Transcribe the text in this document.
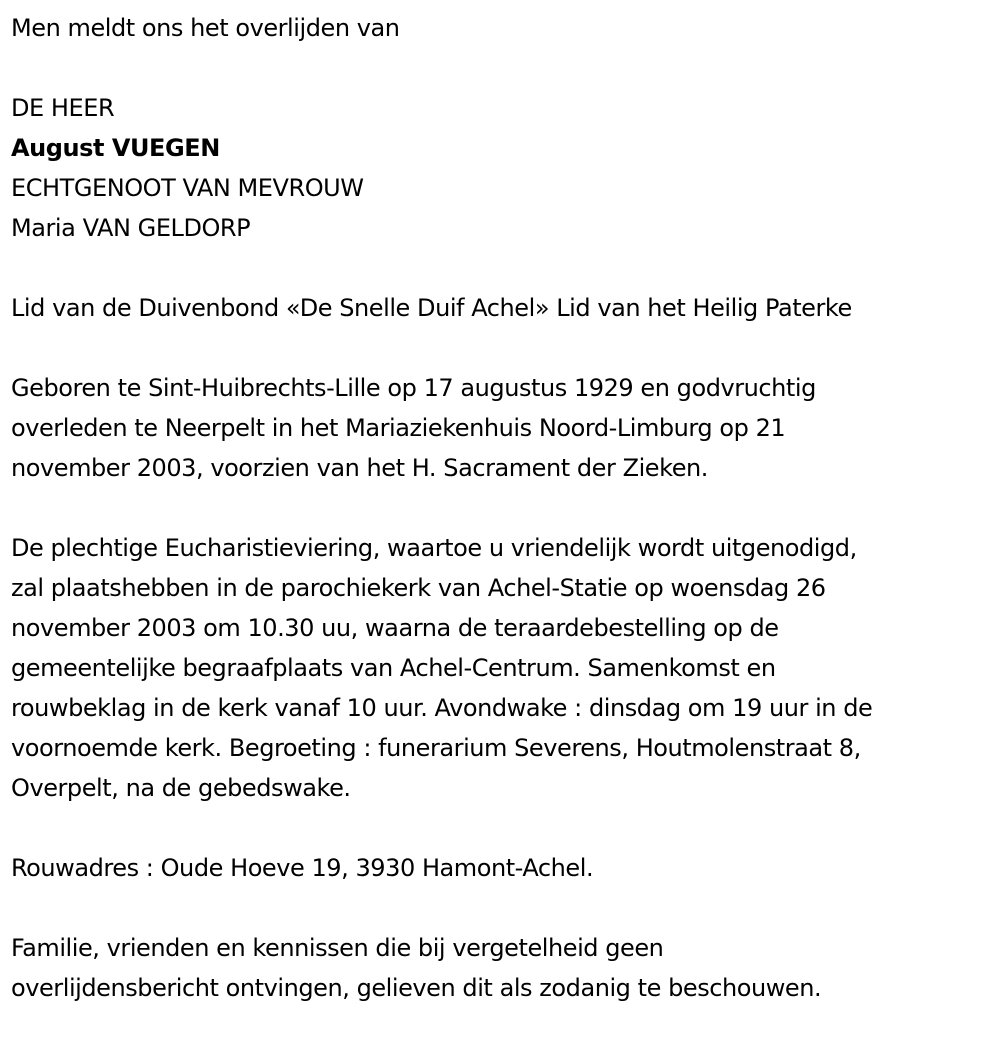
Men meldt ons het overlijden van
DE HEER
August VUEGEN
ECHTGENOOT VAN MEVROUW
Maria VAN GELDORP
Lid van de Duivenbond «De Snelle Duif Achel» Lid van het Heilig Paterke
Geboren te Sint-Huibrechts-Lille op 17 augustus 1929 en godvruchtig
overleden te Neerpelt in het Mariaziekenhuis Noord-Limburg op 21
november 2003, voorzien van het H. Sacrament der Zieken.
De plechtige Eucharistieviering, waartoe u vriendelijk wordt uitgenodigd,
zal plaatshebben in de parochiekerk van Achel-Statie op woensdag 26
november 2003 om 10.30 uu, waarna de teraardebestelling op de
gemeentelijke begraafplaats van Achel-Centrum. Samenkomst en
rouwbeklag in de kerk vanaf 10 uur. Avondwake : dinsdag om 19 uur in de
voornoemde kerk. Begroeting : funerarium Severens, Houtmolenstraat 8,
Overpelt, na de gebedswake.
Rouwadres : Oude Hoeve 19, 3930 Hamont-Achel.
Familie, vrienden en kennissen die bij vergetelheid geen
overlijdensbericht ontvingen, gelieven dit als zodanig te beschouwen.
